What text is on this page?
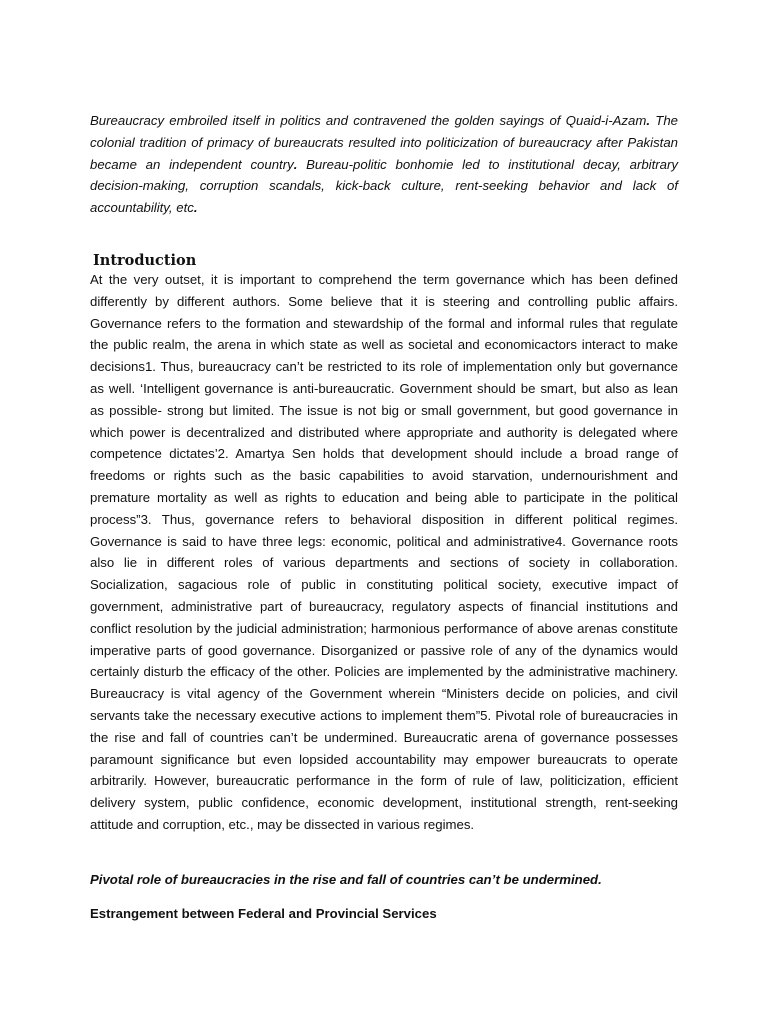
Bureaucracy embroiled itself in politics and contravened the golden sayings of Quaid-i-Azam. The colonial tradition of primacy of bureaucrats resulted into politicization of bureaucracy after Pakistan became an independent country. Bureau-politic bonhomie led to institutional decay, arbitrary decision-making, corruption scandals, kick-back culture, rent-seeking behavior and lack of accountability, etc.

Introduction

At the very outset, it is important to comprehend the term governance which has been defined differently by different authors. Some believe that it is steering and controlling public affairs. Governance refers to the formation and stewardship of the formal and informal rules that regulate the public realm, the arena in which state as well as societal and economicactors interact to make decisions1. Thus, bureaucracy can’t be restricted to its role of implementation only but governance as well. ‘Intelligent governance is anti-bureaucratic. Government should be smart, but also as lean as possible- strong but limited. The issue is not big or small government, but good governance in which power is decentralized and distributed where appropriate and authority is delegated where competence dictates’2. Amartya Sen holds that development should include a broad range of freedoms or rights such as the basic capabilities to avoid starvation, undernourishment and premature mortality as well as rights to education and being able to participate in the political process”3. Thus, governance refers to behavioral disposition in different political regimes. Governance is said to have three legs: economic, political and administrative4. Governance roots also lie in different roles of various departments and sections of society in collaboration. Socialization, sagacious role of public in constituting political society, executive impact of government, administrative part of bureaucracy, regulatory aspects of financial institutions and conflict resolution by the judicial administration; harmonious performance of above arenas constitute imperative parts of good governance. Disorganized or passive role of any of the dynamics would certainly disturb the efficacy of the other. Policies are implemented by the administrative machinery. Bureaucracy is vital agency of the Government wherein “Ministers decide on policies, and civil servants take the necessary executive actions to implement them”5. Pivotal role of bureaucracies in the rise and fall of countries can’t be undermined. Bureaucratic arena of governance possesses paramount significance but even lopsided accountability may empower bureaucrats to operate arbitrarily. However, bureaucratic performance in the form of rule of law, politicization, efficient delivery system, public confidence, economic development, institutional strength, rent-seeking attitude and corruption, etc., may be dissected in various regimes.

Pivotal role of bureaucracies in the rise and fall of countries can’t be undermined.

Estrangement between Federal and Provincial Services
